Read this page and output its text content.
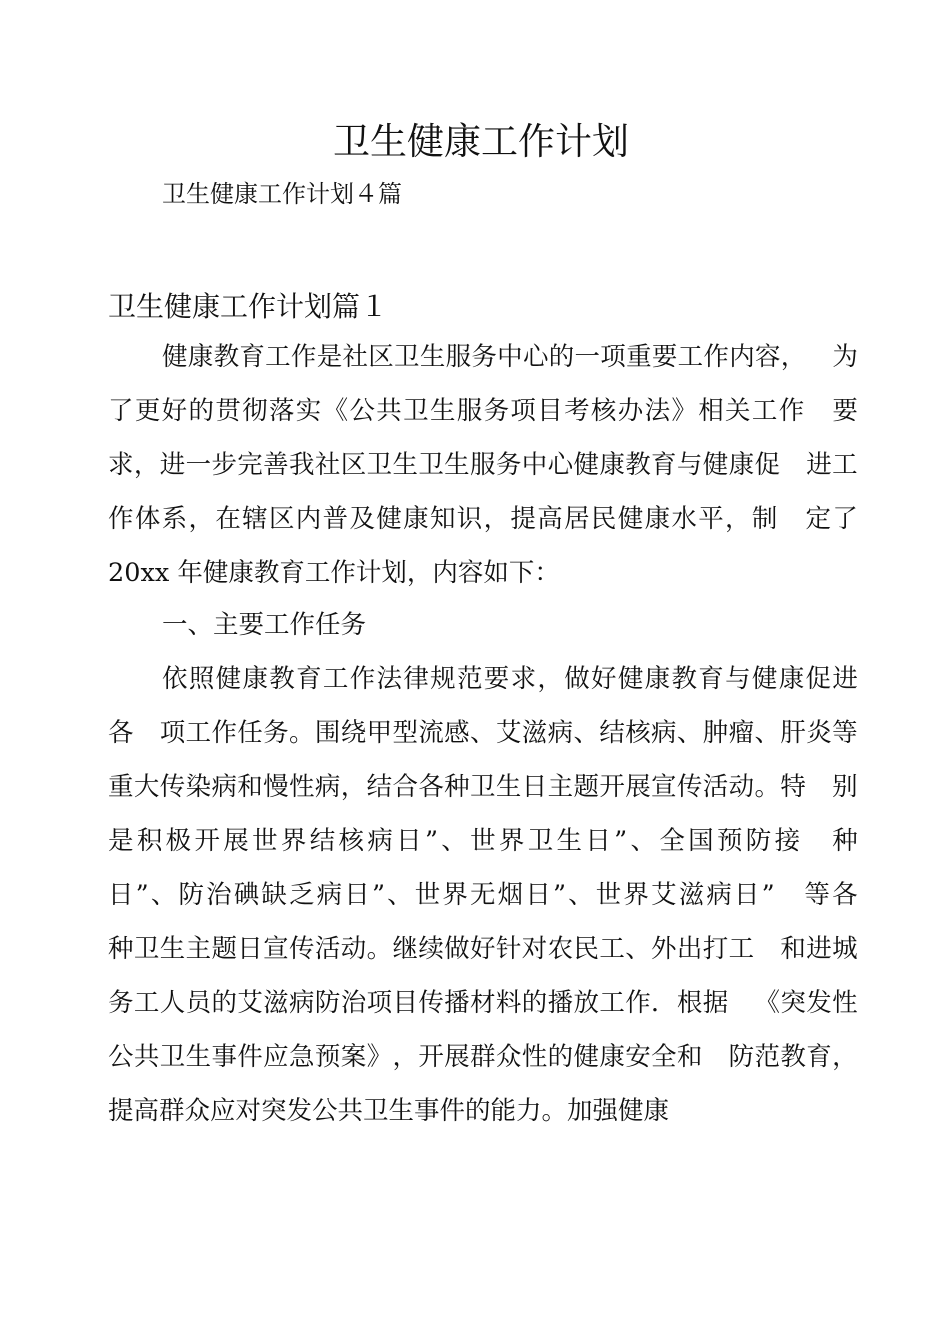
卫生健康工作计划
卫生健康工作计划４篇
卫生健康工作计划篇１
健 康 教 育 工 作 是 社 区 卫 生 服 务 中 心 的 一 项 重 要 工 作 内 容 ，
　 为
了 更 好 的 贯 彻 落 实 《 公 共 卫 生 服 务 项 目 考 核 办 法 》 相 关 工 作
　 要
求 ， 进 一 步 完 善 我 社 区 卫 生 卫 生 服 务 中 心 健 康 教 育 与 健 康 促
　 进 工
作 体 系 ， 在 辖 区 内 普 及 健 康 知 识 ， 提 高 居 民 健 康 水 平 ， 制
　 定 了
20xx 年健康教育工作计划，内容如下：
一、主要工作任务
依 照 健 康 教 育 工 作 法 律 规 范 要 求 ， 做 好 健 康 教 育 与 健 康 促 进
各
　 项 工 作 任 务 。 围 绕 甲 型 流 感 、 艾 滋 病 、 结 核 病 、 肿 瘤 、 肝 炎 等
重 大 传 染 病 和 慢 性 病 ， 结 合 各 种 卫 生 日 主 题 开 展 宣 传 活 动 。 特
　 别
是 积 极 开 展 世 界 结 核 病 日 ” 、 世 界 卫 生 日 ” 、 全 国 预 防 接
　 种
日 ” 、 防 治 碘 缺 乏 病 日 ” 、 世 界 无 烟 日 ” 、 世 界 艾 滋 病 日 ”
　 等 各
种 卫 生 主 题 日 宣 传 活 动 。 继 续 做 好 针 对 农 民 工 、 外 出 打 工
　 和 进 城
务 工 人 员 的 艾 滋 病 防 治 项 目 传 播 材 料 的 播 放 工 作 ． 根 据
　 《 突 发 性
公 共 卫 生 事 件 应 急 预 案 》 ， 开 展 群 众 性 的 健 康 安 全 和
　 防 范 教 育 ，
提高群众应对突发公共卫生事件的能力。加强健康
